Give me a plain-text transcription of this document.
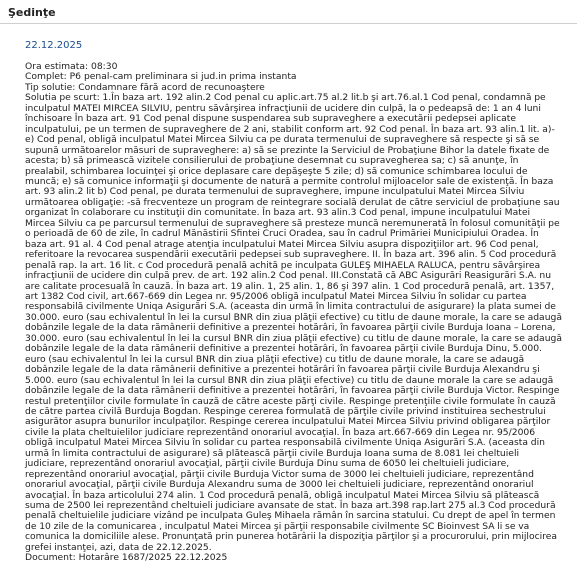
Şedinţe
22.12.2025
Ora estimata: 08:30
Complet: P6 penal-cam preliminara si jud.in prima instanta
Tip solutie: Condamnare fără acord de recunoaştere
Solutia pe scurt: 1.În baza art. 192 alin.2 Cod penal cu aplic.art.75 al.2 lit.b şi art.76.al.1 Cod penal, condamnă pe inculpatul MATEI MIRCEA SILVIU, pentru săvârşirea infracţiunii de ucidere din culpă, la o pedeapsă de: 1 an 4 luni închisoare În baza art. 91 Cod penal dispune suspendarea sub supraveghere a executării pedepsei aplicate inculpatului, pe un termen de supraveghere de 2 ani, stabilit conform art. 92 Cod penal. În baza art. 93 alin.1 lit. a)-e) Cod penal, obligă inculpatul Matei Mircea Silviu ca pe durata termenului de supraveghere să respecte şi să se supună următoarelor măsuri de supraveghere: a) să se prezinte la Serviciul de Probaţiune Bihor la datele fixate de acesta; b) să primească vizitele consilierului de probaţiune desemnat cu supravegherea sa; c) să anunţe, în prealabil, schimbarea locuinţei şi orice deplasare care depăşeşte 5 zile; d) să comunice schimbarea locului de muncă; e) să comunice informaţii şi documente de natură a permite controlul mijloacelor sale de existenţă. În baza art. 93 alin.2 lit b) Cod penal, pe durata termenului de supraveghere, impune inculpatului Matei Mircea Silviu următoarea obligaţie: -să frecventeze un program de reintegrare socială derulat de către serviciul de probaţiune sau organizat în colaborare cu instituţii din comunitate. În baza art. 93 alin.3 Cod penal, impune inculpatului Matei Mircea Silviu ca pe parcursul termenului de supraveghere să presteze muncă neremunerată în folosul comunităţii pe o perioadă de 60 de zile, în cadrul Mănăstirii Sfintei Cruci Oradea, sau în cadrul Primăriei Municipiului Oradea. În baza art. 91 al. 4 Cod penal atrage atenţia inculpatului Matei Mircea Silviu asupra dispoziţiilor art. 96 Cod penal, referitoare la revocarea suspendării executării pedepsei sub supraveghere. II. În baza art. 396 alin. 5 Cod procedură penală rap. la art. 16 lit. c Cod procedură penală achită pe inculpata GULEŞ MIHAELA RALUCA, pentru săvârşirea infracţiunii de ucidere din culpă prev. de art. 192 alin.2 Cod penal. III.Constată că ABC Asigurări Reasigurări S.A. nu are calitate procesuală în cauză. În baza art. 19 alin. 1, 25 alin. 1, 86 şi 397 alin. 1 Cod procedură penală, art. 1357, art 1382 Cod civil, art.667-669 din Legea nr. 95/2006 obligă inculpatul Matei Mircea Silviu în solidar cu partea responsabilă civilmente Uniqa Asigurări S.A. (aceasta din urmă în limita contractului de asigurare) la plata sumei de 30.000. euro (sau echivalentul în lei la cursul BNR din ziua plăţii efective) cu titlu de daune morale, la care se adaugă dobânzile legale de la data rămânerii definitive a prezentei hotărâri, în favoarea părţii civile Burduja Ioana – Lorena, 30.000. euro (sau echivalentul în lei la cursul BNR din ziua plăţii efective) cu titlu de daune morale, la care se adaugă dobânzile legale de la data rămânerii definitive a prezentei hotărâri, în favoarea părţii civile Burduja Dinu, 5.000. euro (sau echivalentul în lei la cursul BNR din ziua plăţii efective) cu titlu de daune morale, la care se adaugă dobânzile legale de la data rămânerii definitive a prezentei hotărâri în favoarea părţii civile Burduja Alexandru şi 5.000. euro (sau echivalentul în lei la cursul BNR din ziua plăţii efective) cu titlu de daune morale la care se adaugă dobânzile legale de la data rămânerii definitive a prezentei hotărâri, în favoarea părţii civile Burduja Victor. Respinge restul pretenţiilor civile formulate în cauză de către aceste părţi civile. Respinge pretenţiile civile formulate în cauză de către partea civilă Burduja Bogdan. Respinge cererea formulată de părţile civile privind instituirea sechestrului asigurător asupra bunurilor inculpaţilor. Respinge cererea inculpatului Matei Mircea Silviu privind obligarea părţilor civile la plata cheltuielilor judiciare reprezentând onorariul avocaţial. În baza art.667-669 din Legea nr. 95/2006 obligă inculpatul Matei Mircea Silviu în solidar cu partea responsabilă civilmente Uniqa Asigurări S.A. (aceasta din urmă în limita contractului de asigurare) să plătească părţii civile Burduja Ioana suma de 8.081 lei cheltuieli judiciare, reprezentând onorariul avocaţial, părţii civile Burduja Dinu suma de 6050 lei cheltuieli judiciare, reprezentând onorariul avocaţial, părţii civile Burduja Victor suma de 3000 lei cheltuieli judiciare, reprezentând onorariul avocaţial, părţii civile Burduja Alexandru suma de 3000 lei cheltuieli judiciare, reprezentând onorariul avocaţial. În baza articolului 274 alin. 1 Cod procedură penală, obligă inculpatul Matei Mircea Silviu să plătească suma de 2500 lei reprezentând cheltuieli judiciare avansate de stat. În baza art.398 rap.lart 275 al.3 Cod procedură penală cheltuielile judiciare vizând pe inculpata Guleş Mihaela rămân în sarcina statului. Cu drept de apel în termen de 10 zile de la comunicarea , inculpatul Matei Mircea şi părţii responsabile civilmente SC Bioinvest SA li se va comunica la domiciliile alese. Pronunţată prin punerea hotărârii la dispoziţia părţilor şi a procurorului, prin mijlocirea grefei instanţei, azi, data de 22.12.2025.
Document: Hotarâre 1687/2025 22.12.2025
